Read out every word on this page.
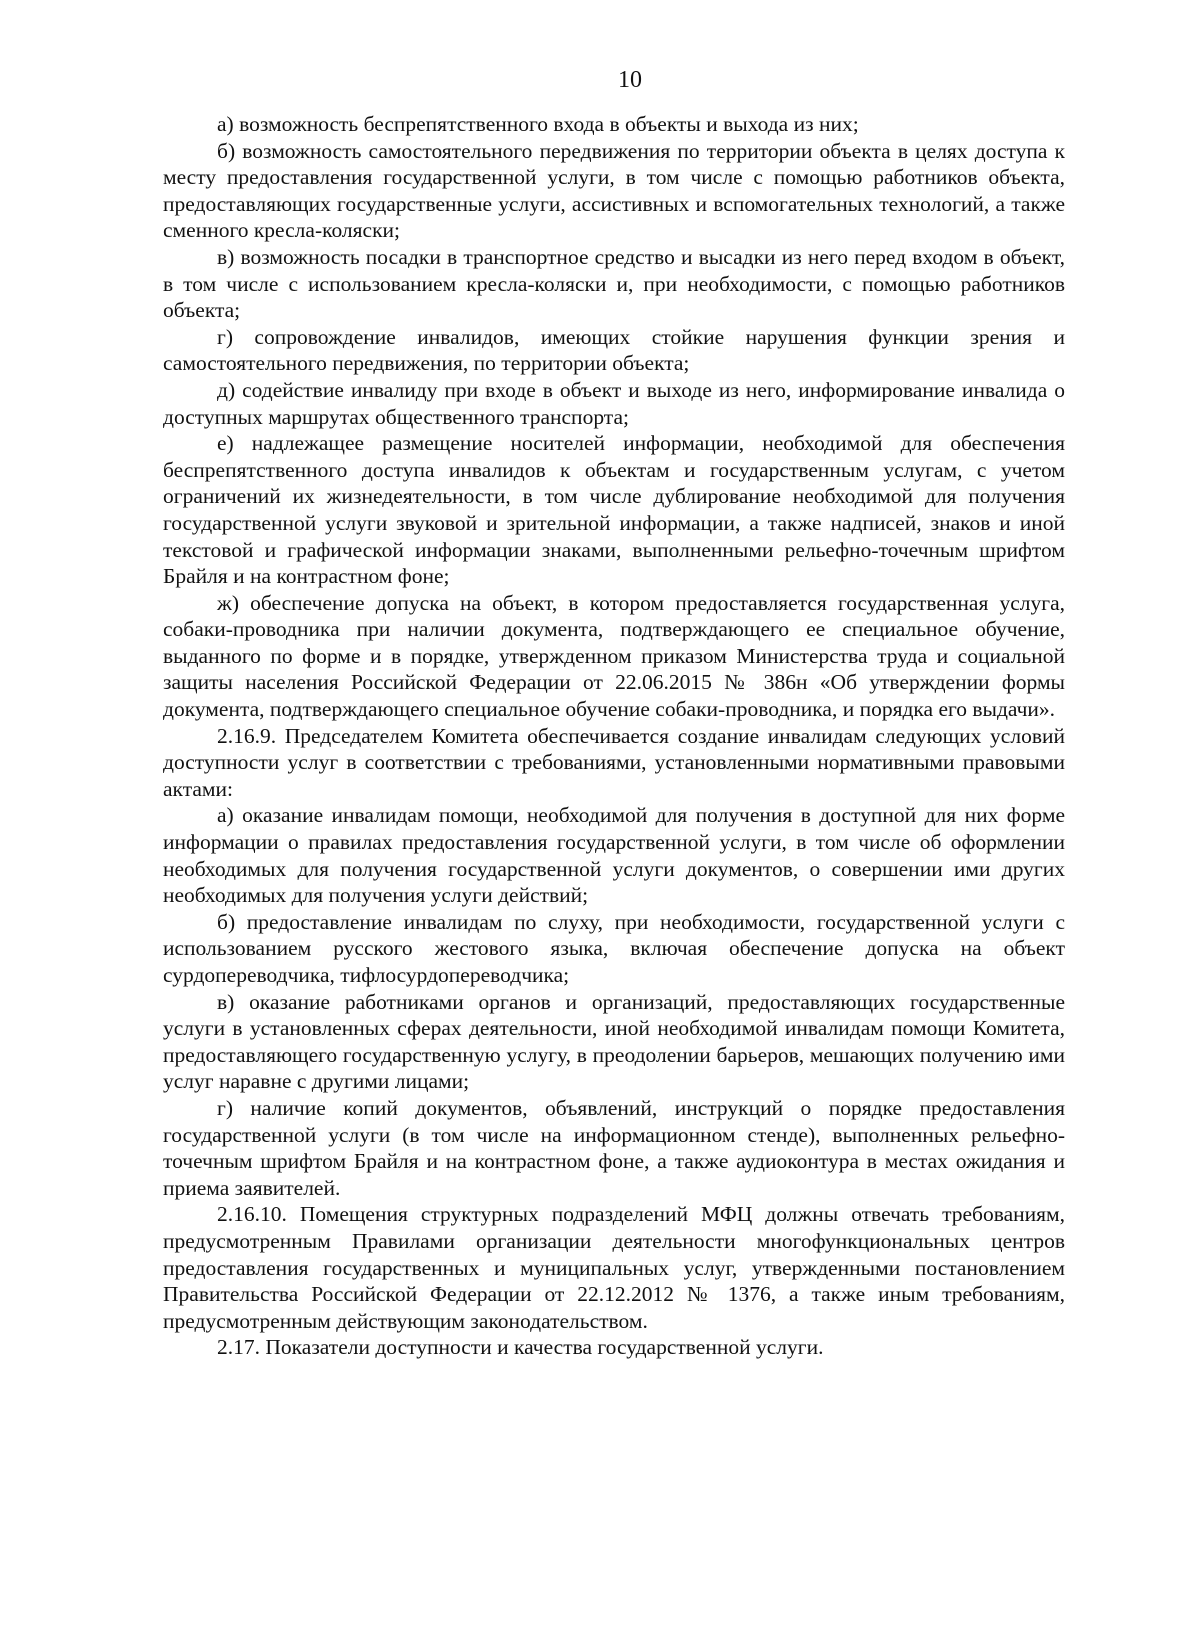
10

а) возможность беспрепятственного входа в объекты и выхода из них;

б) возможность самостоятельного передвижения по территории объекта в целях доступа к месту предоставления государственной услуги, в том числе с помощью работников объекта, предоставляющих государственные услуги, ассистивных и вспомогательных технологий, а также сменного кресла-коляски;

в) возможность посадки в транспортное средство и высадки из него перед входом в объект, в том числе с использованием кресла-коляски и, при необходимости, с помощью работников объекта;

г) сопровождение инвалидов, имеющих стойкие нарушения функции зрения и самостоятельного передвижения, по территории объекта;

д) содействие инвалиду при входе в объект и выходе из него, информирование инвалида о доступных маршрутах общественного транспорта;

е) надлежащее размещение носителей информации, необходимой для обеспечения беспрепятственного доступа инвалидов к объектам и государственным услугам, с учетом ограничений их жизнедеятельности, в том числе дублирование необходимой для получения государственной услуги звуковой и зрительной информации, а также надписей, знаков и иной текстовой и графической информации знаками, выполненными рельефно-точечным шрифтом Брайля и на контрастном фоне;

ж) обеспечение допуска на объект, в котором предоставляется государственная услуга, собаки-проводника при наличии документа, подтверждающего ее специальное обучение, выданного по форме и в порядке, утвержденном приказом Министерства труда и социальной защиты населения Российской Федерации от 22.06.2015 № 386н «Об утверждении формы документа, подтверждающего специальное обучение собаки-проводника, и порядка его выдачи».

2.16.9. Председателем Комитета обеспечивается создание инвалидам следующих условий доступности услуг в соответствии с требованиями, установленными нормативными правовыми актами:

а) оказание инвалидам помощи, необходимой для получения в доступной для них форме информации о правилах предоставления государственной услуги, в том числе об оформлении необходимых для получения государственной услуги документов, о совершении ими других необходимых для получения услуги действий;

б) предоставление инвалидам по слуху, при необходимости, государственной услуги с использованием русского жестового языка, включая обеспечение допуска на объект сурдопереводчика, тифлосурдопереводчика;

в) оказание работниками органов и организаций, предоставляющих государственные услуги в установленных сферах деятельности, иной необходимой инвалидам помощи Комитета, предоставляющего государственную услугу, в преодолении барьеров, мешающих получению ими услуг наравне с другими лицами;

г) наличие копий документов, объявлений, инструкций о порядке предоставления государственной услуги (в том числе на информационном стенде), выполненных рельефно-точечным шрифтом Брайля и на контрастном фоне, а также аудиоконтура в местах ожидания и приема заявителей.

2.16.10. Помещения структурных подразделений МФЦ должны отвечать требованиям, предусмотренным Правилами организации деятельности многофункциональных центров предоставления государственных и муниципальных услуг, утвержденными постановлением Правительства Российской Федерации от 22.12.2012 № 1376, а также иным требованиям, предусмотренным действующим законодательством.

2.17. Показатели доступности и качества государственной услуги.
